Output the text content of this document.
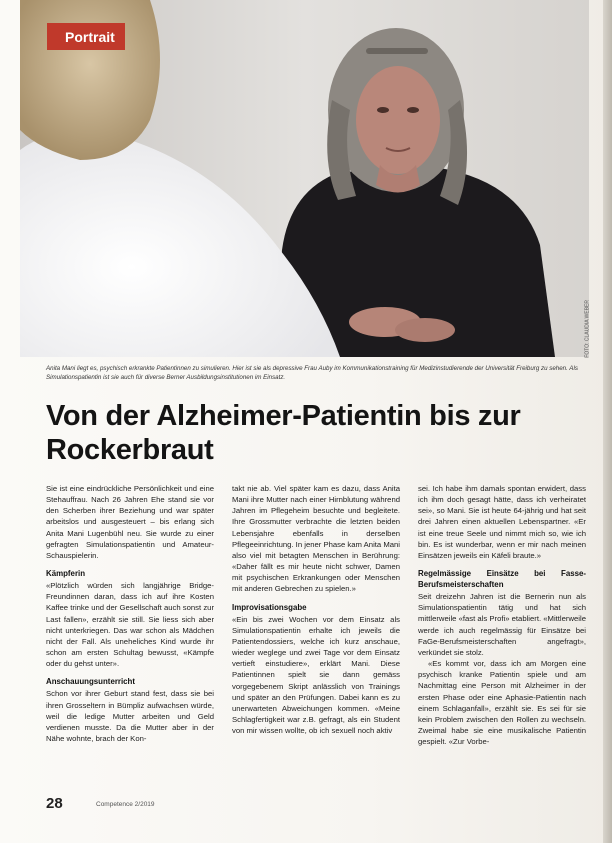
Portrait
FOTO: CLAUDIA WEBER
Anita Mani liegt es, psychisch erkrankte Patientinnen zu simulieren. Hier ist sie als depressive Frau Auby im Kommunikationstraining für Medizinstudierende der Universität Freiburg zu sehen. Als Simulationspatientin ist sie auch für diverse Berner Ausbildungsinstitutionen im Einsatz.
Von der Alzheimer-Patientin bis zur Rockerbraut

Sie ist eine eindrückliche Persönlichkeit und eine Stehauffrau. Nach 26 Jahren Ehe stand sie vor den Scherben ihrer Beziehung und war später arbeitslos und ausgesteuert – bis erlang sich Anita Mani Lugenbühl neu. Sie wurde zu einer gefragten Simulationspatientin und Amateur-Schauspielerin.

Kämpferin

«Plötzlich würden sich langjährige Bridge-Freundinnen daran, dass ich auf ihre Kosten Kaffee trinke und der Gesellschaft auch sonst zur Last fallen», erzählt sie still. Sie liess sich aber nicht unterkriegen. Das war schon als Mädchen nicht der Fall. Als uneheliches Kind wurde ihr schon am ersten Schultag bewusst, «Kämpfe oder du gehst unter».

Anschauungsunterricht

Schon vor ihrer Geburt stand fest, dass sie bei ihren Grosseltern in Bümpliz aufwachsen würde, weil die ledige Mutter arbeiten und Geld verdienen musste. Da die Mutter aber in der Nähe wohnte, brach der Kon-

takt nie ab. Viel später kam es dazu, dass Anita Mani ihre Mutter nach einer Hirnblutung während Jahren im Pflegeheim besuchte und begleitete. Ihre Grossmutter verbrachte die letzten beiden Lebensjahre ebenfalls in derselben Pflegeeinrichtung. In jener Phase kam Anita Mani also viel mit betagten Menschen in Berührung: «Daher fällt es mir heute nicht schwer, Damen mit psychischen Erkrankungen oder Menschen mit anderen Gebrechen zu spielen.»

Improvisationsgabe

«Ein bis zwei Wochen vor dem Einsatz als Simulationspatientin erhalte ich jeweils die Patientendossiers, welche ich kurz anschaue, wieder weglege und zwei Tage vor dem Einsatz vertieft einstudiere», erklärt Mani. Diese Patientinnen spielt sie dann gemäss vorgegebenem Skript anlässlich von Trainings und später an den Prüfungen. Dabei kann es zu unerwarteten Abweichungen kommen. «Meine Schlagfertigkeit war z.B. gefragt, als ein Student von mir wissen wollte, ob ich sexuell noch aktiv

sei. Ich habe ihm damals spontan erwidert, dass ich ihm doch gesagt hätte, dass ich verheiratet sei», so Mani. Sie ist heute 64-jährig und hat seit drei Jahren einen aktuellen Lebenspartner. «Er ist eine treue Seele und nimmt mich so, wie ich bin. Es ist wunderbar, wenn er mir nach meinen Einsätzen jeweils ein Käfeli braute.»

Regelmässige Einsätze bei Fasse-Berufsmeisterschaften

Seit dreizehn Jahren ist die Bernerin nun als Simulationspatientin tätig und hat sich mittlerweile «fast als Profi» etabliert. «Mittlerweile werde ich auch regelmässig für Einsätze bei FaGe-Berufsmeisterschaften angefragt», verkündet sie stolz.

«Es kommt vor, dass ich am Morgen eine psychisch kranke Patientin spiele und am Nachmittag eine Person mit Alzheimer in der ersten Phase oder eine Aphasie-Patientin nach einem Schlaganfall», erzählt sie. Es sei für sie kein Problem zwischen den Rollen zu wechseln. Zweimal habe sie eine musikalische Patientin gespielt. «Zur Vorbe-

28	Competence 2/2019
